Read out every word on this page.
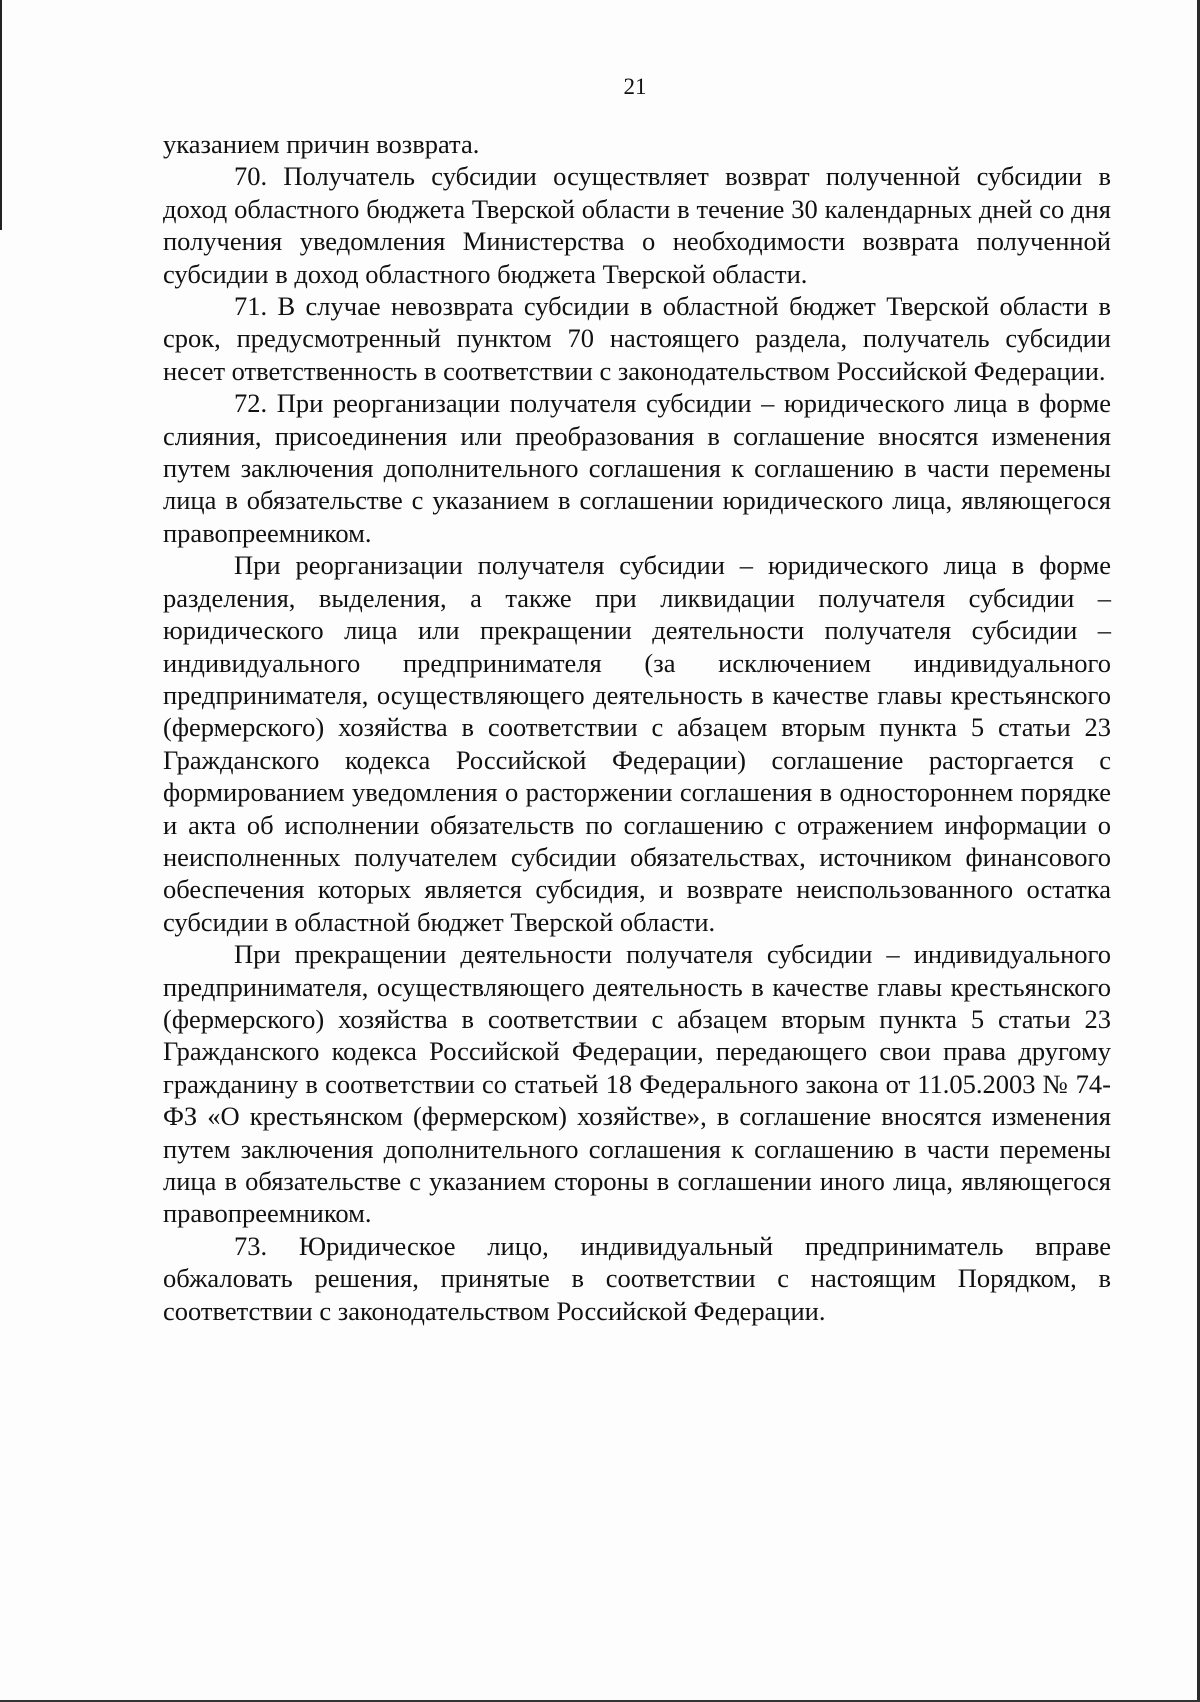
21

указанием причин возврата.

70. Получатель субсидии осуществляет возврат полученной субсидии в доход областного бюджета Тверской области в течение 30 календарных дней со дня получения уведомления Министерства о необходимости возврата полученной субсидии в доход областного бюджета Тверской области.

71. В случае невозврата субсидии в областной бюджет Тверской области в срок, предусмотренный пунктом 70 настоящего раздела, получатель субсидии несет ответственность в соответствии с законодательством Российской Федерации.

72. При реорганизации получателя субсидии – юридического лица в форме слияния, присоединения или преобразования в соглашение вносятся изменения путем заключения дополнительного соглашения к соглашению в части перемены лица в обязательстве с указанием в соглашении юридического лица, являющегося правопреемником.

При реорганизации получателя субсидии – юридического лица в форме разделения, выделения, а также при ликвидации получателя субсидии – юридического лица или прекращении деятельности получателя субсидии – индивидуального предпринимателя (за исключением индивидуального предпринимателя, осуществляющего деятельность в качестве главы крестьянского (фермерского) хозяйства в соответствии с абзацем вторым пункта 5 статьи 23 Гражданского кодекса Российской Федерации) соглашение расторгается с формированием уведомления о расторжении соглашения в одностороннем порядке и акта об исполнении обязательств по соглашению с отражением информации о неисполненных получателем субсидии обязательствах, источником финансового обеспечения которых является субсидия, и возврате неиспользованного остатка субсидии в областной бюджет Тверской области.

При прекращении деятельности получателя субсидии – индивидуального предпринимателя, осуществляющего деятельность в качестве главы крестьянского (фермерского) хозяйства в соответствии с абзацем вторым пункта 5 статьи 23 Гражданского кодекса Российской Федерации, передающего свои права другому гражданину в соответствии со статьей 18 Федерального закона от 11.05.2003 № 74-ФЗ «О крестьянском (фермерском) хозяйстве», в соглашение вносятся изменения путем заключения дополнительного соглашения к соглашению в части перемены лица в обязательстве с указанием стороны в соглашении иного лица, являющегося правопреемником.

73. Юридическое лицо, индивидуальный предприниматель вправе обжаловать решения, принятые в соответствии с настоящим Порядком, в соответствии с законодательством Российской Федерации.
